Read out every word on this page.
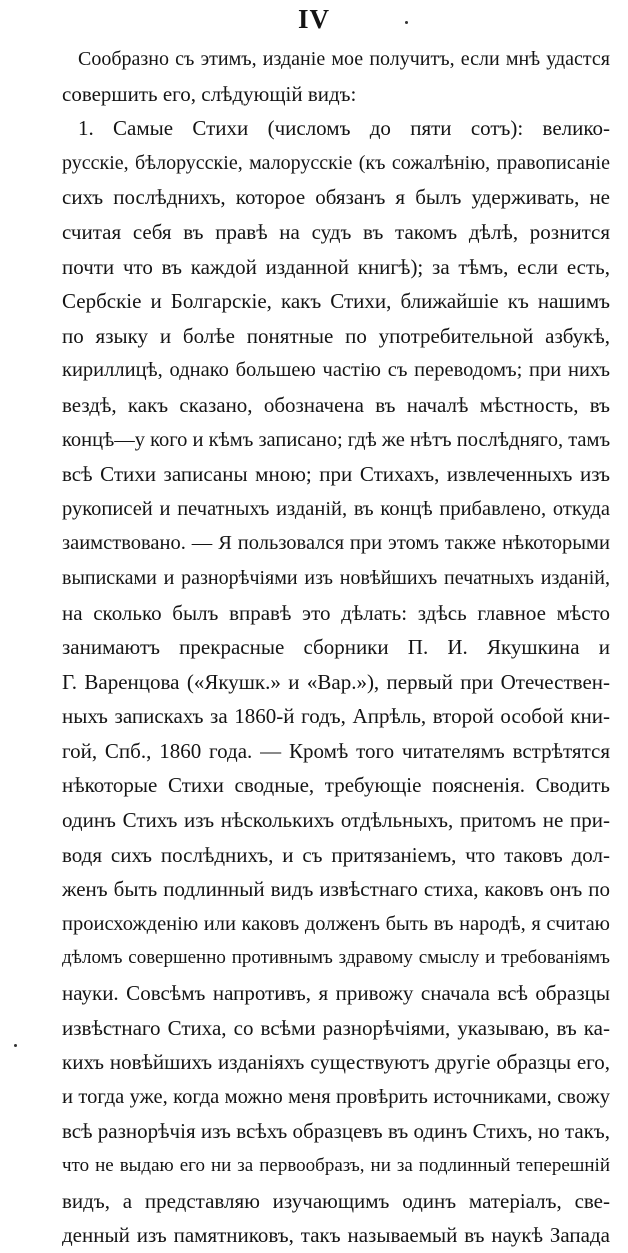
IV
Сообразно съ этимъ, изданіе мое получитъ, если мнѣ удастся
совершить его, слѣдующій видъ:
1. Самые Стихи (числомъ до пяти сотъ): велико-
русскіе, бѣлорусскіе, малорусскіе (къ сожалѣнію, правописаніе
сихъ послѣднихъ, которое обязанъ я былъ удерживать, не
считая себя въ правѣ на судъ въ такомъ дѣлѣ, рознится
почти что въ каждой изданной книгѣ); за тѣмъ, если есть,
Сербскіе и Болгарскіе, какъ Стихи, ближайшіе къ нашимъ
по языку и болѣе понятные по употребительной азбукѣ,
кириллицѣ, однако большею частію съ переводомъ; при нихъ
вездѣ, какъ сказано, обозначена въ началѣ мѣстность, въ
концѣ—у кого и кѣмъ записано; гдѣ же нѣтъ послѣдняго, тамъ
всѣ Стихи записаны мною; при Стихахъ, извлеченныхъ изъ
рукописей и печатныхъ изданій, въ концѣ прибавлено, откуда
заимствовано. — Я пользовался при этомъ также нѣкоторыми
выписками и разнорѣчіями изъ новѣйшихъ печатныхъ изданій,
на сколько былъ вправѣ это дѣлать: здѣсь главное мѣсто
занимаютъ прекрасные сборники П. И. Якушкина и
Г. Варенцова («Якушк.» и «Вар.»), первый при Отечествен-
ныхъ запискахъ за 1860-й годъ, Апрѣль, второй особой кни-
гой, Спб., 1860 года. — Кромѣ того читателямъ встрѣтятся
нѣкоторые Стихи сводные, требующіе поясненія. Сводить
одинъ Стихъ изъ нѣсколькихъ отдѣльныхъ, притомъ не при-
водя сихъ послѣднихъ, и съ притязаніемъ, что таковъ дол-
женъ быть подлинный видъ извѣстнаго стиха, каковъ онъ по
происхожденію или каковъ долженъ быть въ народѣ, я считаю
дѣломъ совершенно противнымъ здравому смыслу и требованіямъ
науки. Совсѣмъ напротивъ, я привожу сначала всѣ образцы
извѣстнаго Стиха, со всѣми разнорѣчіями, указываю, въ ка-
кихъ новѣйшихъ изданіяхъ существуютъ другіе образцы его,
и тогда уже, когда можно меня провѣрить источниками, свожу
всѣ разнорѣчія изъ всѣхъ образцевъ въ одинъ Стихъ, но такъ,
что не выдаю его ни за первообразъ, ни за подлинный теперешній
видъ, а представляю изучающимъ одинъ матеріалъ, све-
денный изъ памятниковъ, такъ называемый въ наукѣ Запада
